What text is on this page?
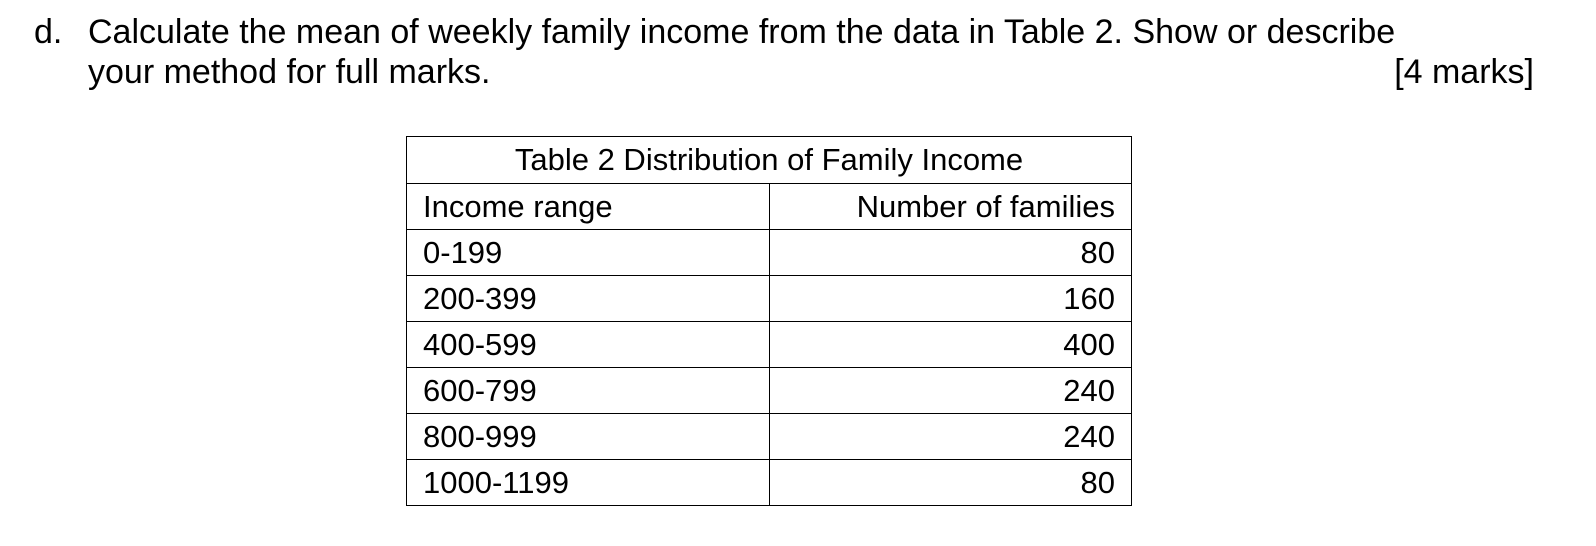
d. Calculate the mean of weekly family income from the data in Table 2. Show or describe
your method for full marks.	[4 marks]
Table 2 Distribution of Family Income	
Income range	Number of families
0-199	80
200-399	160
400-599	400
600-799	240
800-999	240
1000-1199	80
